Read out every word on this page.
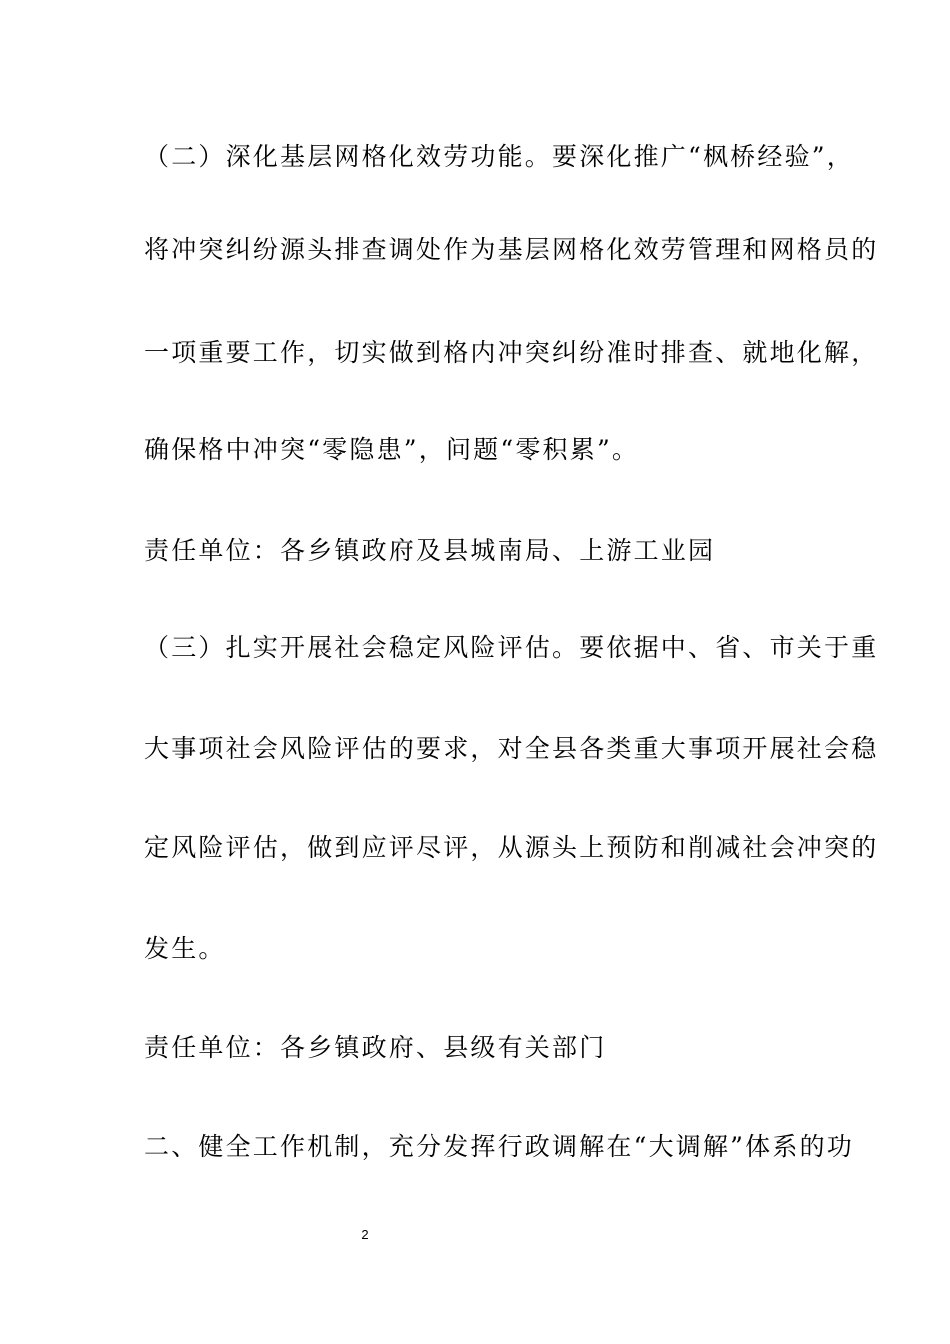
（二）深化基层网格化效劳功能。要深化推广“枫桥经验”，
将冲突纠纷源头排查调处作为基层网格化效劳管理和网格员的
一项重要工作，切实做到格内冲突纠纷准时排查、就地化解，
确保格中冲突“零隐患”，问题“零积累”。
责任单位：各乡镇政府及县城南局、上游工业园
（三）扎实开展社会稳定风险评估。要依据中、省、市关于重
大事项社会风险评估的要求，对全县各类重大事项开展社会稳
定风险评估，做到应评尽评，从源头上预防和削减社会冲突的
发生。
责任单位：各乡镇政府、县级有关部门
二、健全工作机制，充分发挥行政调解在“大调解”体系的功
2
